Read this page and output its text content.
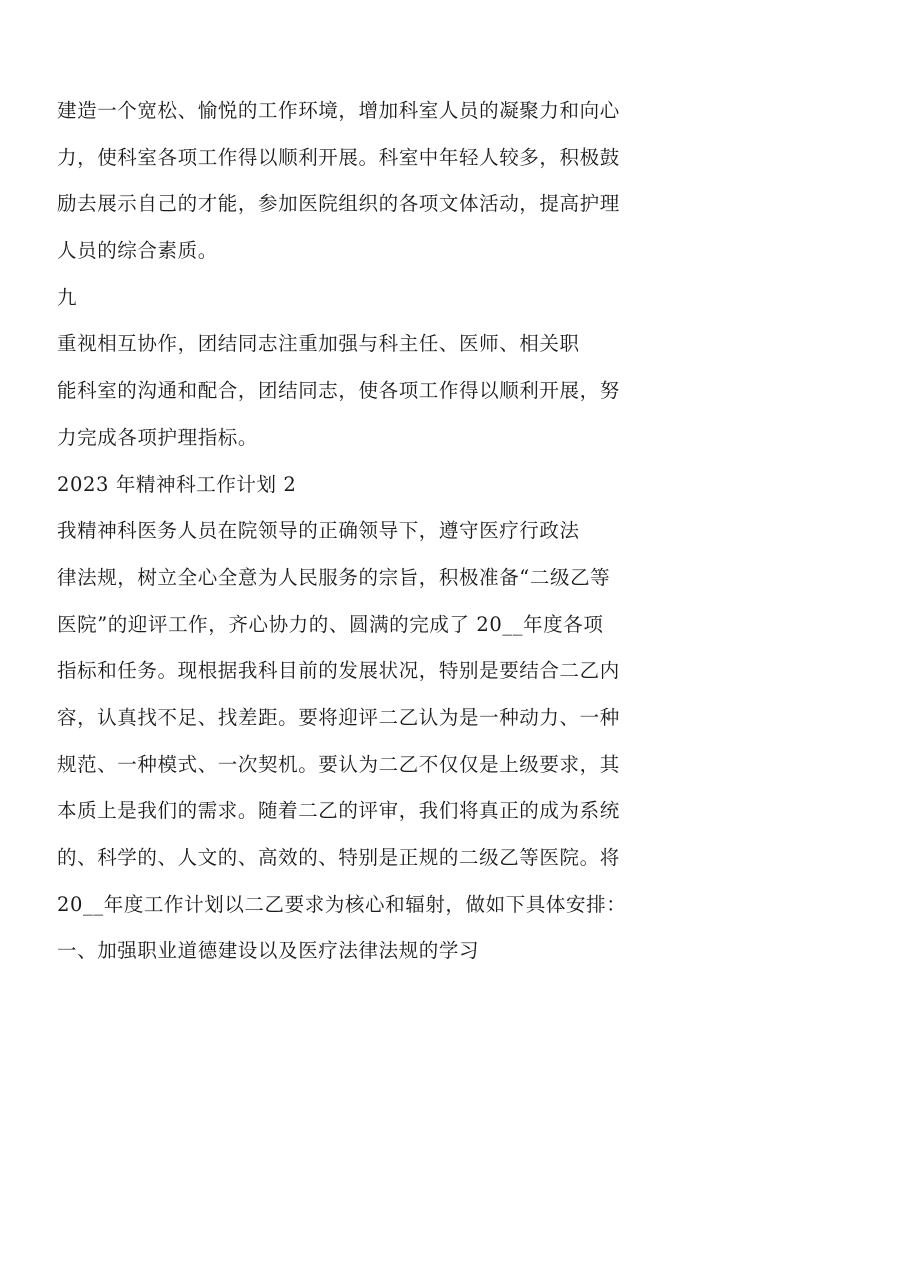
建造一个宽松、愉悦的工作环境，增加科室人员的凝聚力和向心
力，使科室各项工作得以顺利开展。科室中年轻人较多，积极鼓
励去展示自己的才能，参加医院组织的各项文体活动，提高护理
人员的综合素质。
九
重视相互协作，团结同志注重加强与科主任、医师、相关职
能科室的沟通和配合，团结同志，使各项工作得以顺利开展，努
力完成各项护理指标。
2023 年精神科工作计划 2
我精神科医务人员在院领导的正确领导下，遵守医疗行政法
律法规，树立全心全意为人民服务的宗旨，积极准备“二级乙等
医院”的迎评工作，齐心协力的、圆满的完成了 20__年度各项
指标和任务。现根据我科目前的发展状况，特别是要结合二乙内
容，认真找不足、找差距。要将迎评二乙认为是一种动力、一种
规范、一种模式、一次契机。要认为二乙不仅仅是上级要求，其
本质上是我们的需求。随着二乙的评审，我们将真正的成为系统
的、科学的、人文的、高效的、特别是正规的二级乙等医院。将
20__年度工作计划以二乙要求为核心和辐射，做如下具体安排：
一、加强职业道德建设以及医疗法律法规的学习
